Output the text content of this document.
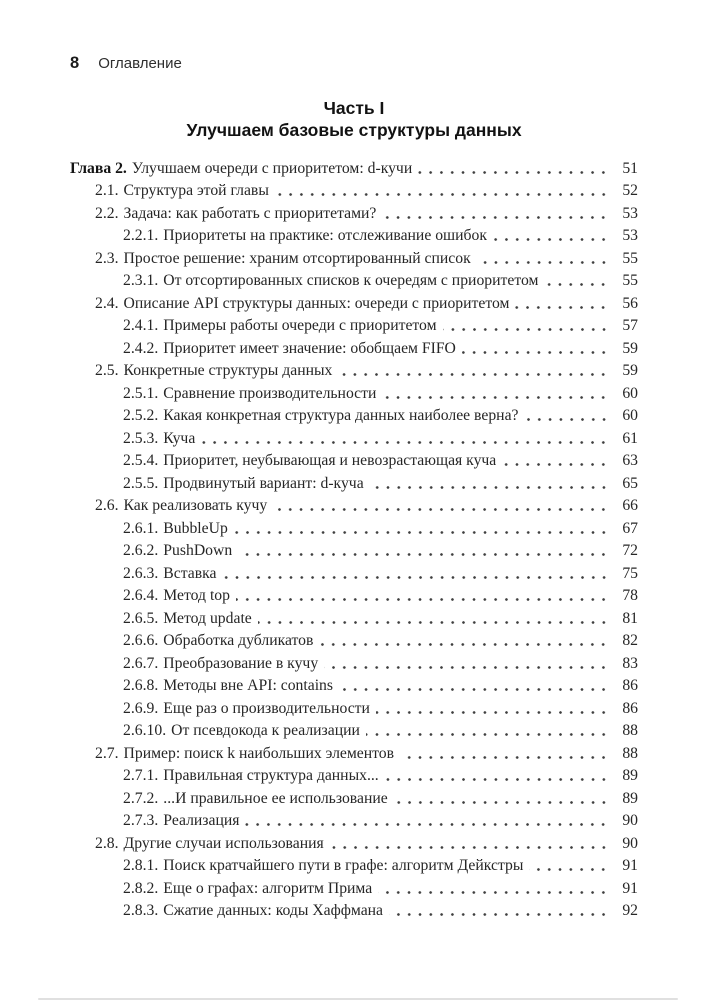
8 Оглавление
Часть I
Улучшаем базовые структуры данных
Глава 2. Улучшаем очереди с приоритетом: d-кучи	51
2.1. Структура этой главы	52
2.2. Задача: как работать с приоритетами?	53
2.2.1. Приоритеты на практике: отслеживание ошибок	53
2.3. Простое решение: храним отсортированный список	55
2.3.1. От отсортированных списков к очередям с приоритетом	55
2.4. Описание API структуры данных: очереди с приоритетом	56
2.4.1. Примеры работы очереди с приоритетом	57
2.4.2. Приоритет имеет значение: обобщаем FIFO	59
2.5. Конкретные структуры данных	59
2.5.1. Сравнение производительности	60
2.5.2. Какая конкретная структура данных наиболее верна?	60
2.5.3. Куча	61
2.5.4. Приоритет, неубывающая и невозрастающая куча	63
2.5.5. Продвинутый вариант: d-куча	65
2.6. Как реализовать кучу	66
2.6.1. BubbleUp	67
2.6.2. PushDown	72
2.6.3. Вставка	75
2.6.4. Метод top	78
2.6.5. Метод update	81
2.6.6. Обработка дубликатов	82
2.6.7. Преобразование в кучу	83
2.6.8. Методы вне API: contains	86
2.6.9. Еще раз о производительности	86
2.6.10. От псевдокода к реализации	88
2.7. Пример: поиск k наибольших элементов	88
2.7.1. Правильная структура данных...	89
2.7.2. ...И правильное ее использование	89
2.7.3. Реализация	90
2.8. Другие случаи использования	90
2.8.1. Поиск кратчайшего пути в графе: алгоритм Дейкстры	91
2.8.2. Еще о графах: алгоритм Прима	91
2.8.3. Сжатие данных: коды Хаффмана	92
